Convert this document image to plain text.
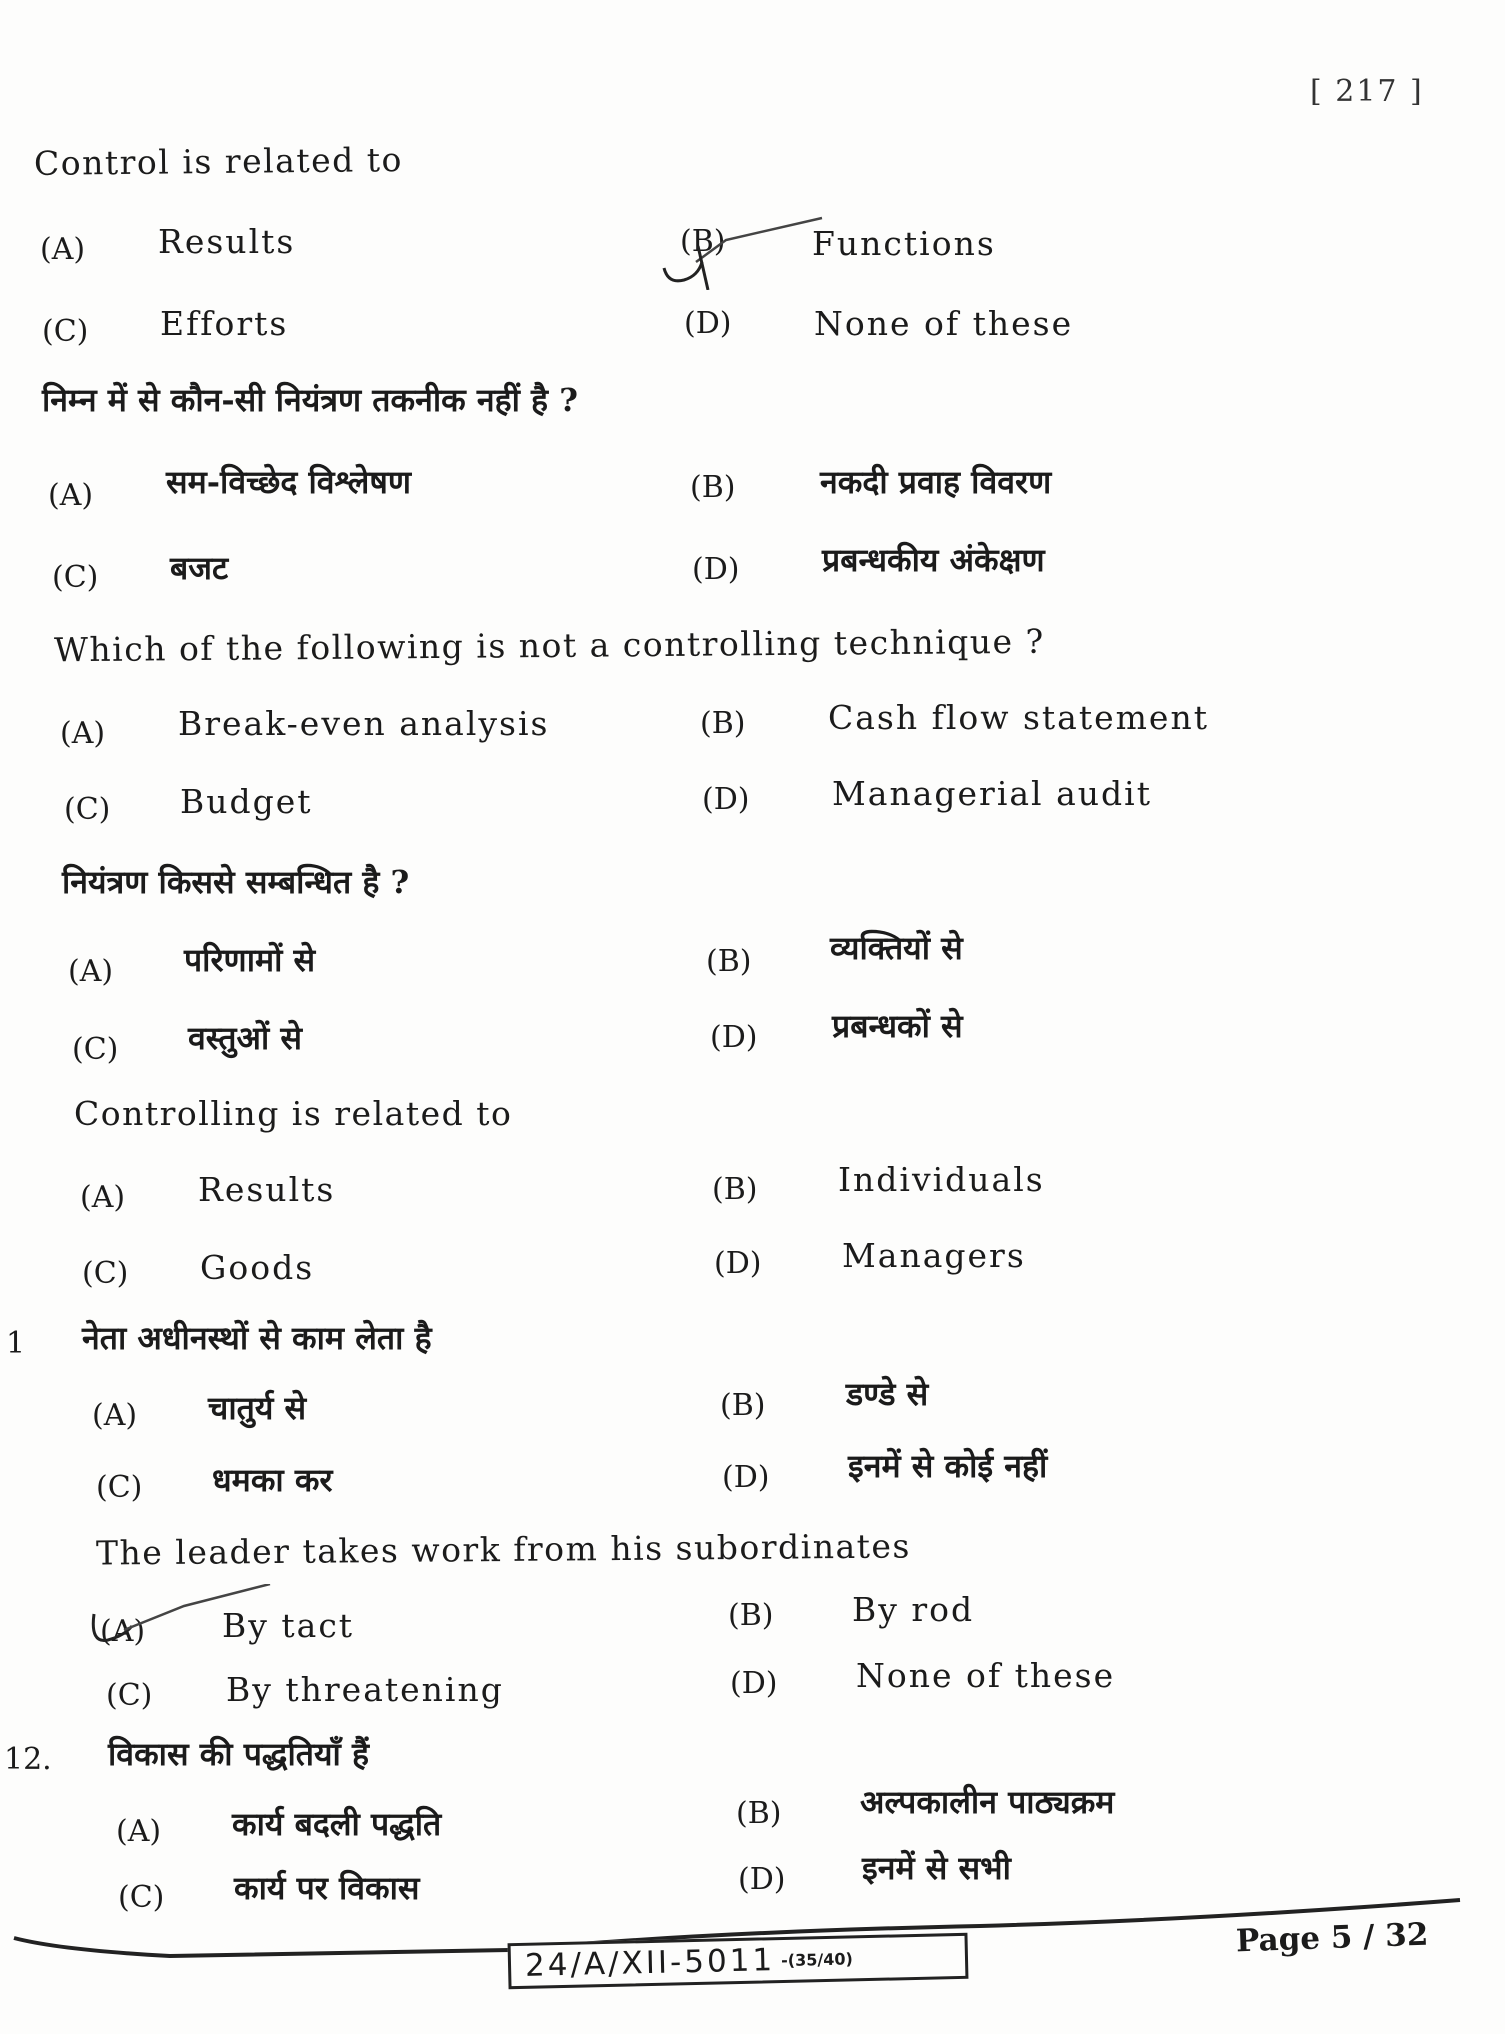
[ 217 ]
Control is related to
(A) Results	(B)	Functions
(C) Efforts	(D)	None of these
निम्न में से कौन-सी नियंत्रण तकनीक नहीं है ?
(A) सम-विच्छेद विश्लेषण	(B)	नकदी प्रवाह विवरण
(C) बजट	(D)	प्रबन्धकीय अंकेक्षण
Which of the following is not a controlling technique ?
(A) Break-even analysis	(B)	Cash flow statement
(C) Budget	(D)	Managerial audit
नियंत्रण किससे सम्बन्धित है ?
(A) परिणामों से	(B) व्यक्तियों से
(C) वस्तुओं से	(D) प्रबन्धकों से
Controlling is related to
(A) Results	(B) Individuals
(C) Goods	(D) Managers
1 नेता अधीनस्थों से काम लेता है
(A) चातुर्य से	(B)	डण्डे से
(C) धमका कर	(D) इनमें से कोई नहीं
The leader takes work from his subordinates
(A) By tact	(B) By rod
(C) By threatening	(D) None of these
12. विकास की पद्धतियाँ हैं
(A) कार्य बदली पद्धति	(B) अल्पकालीन पाठ्यक्रम
(C) कार्य पर विकास	(D) इनमें से सभी
24/A/XII-5011 -(35/40)	Page 5 / 32
